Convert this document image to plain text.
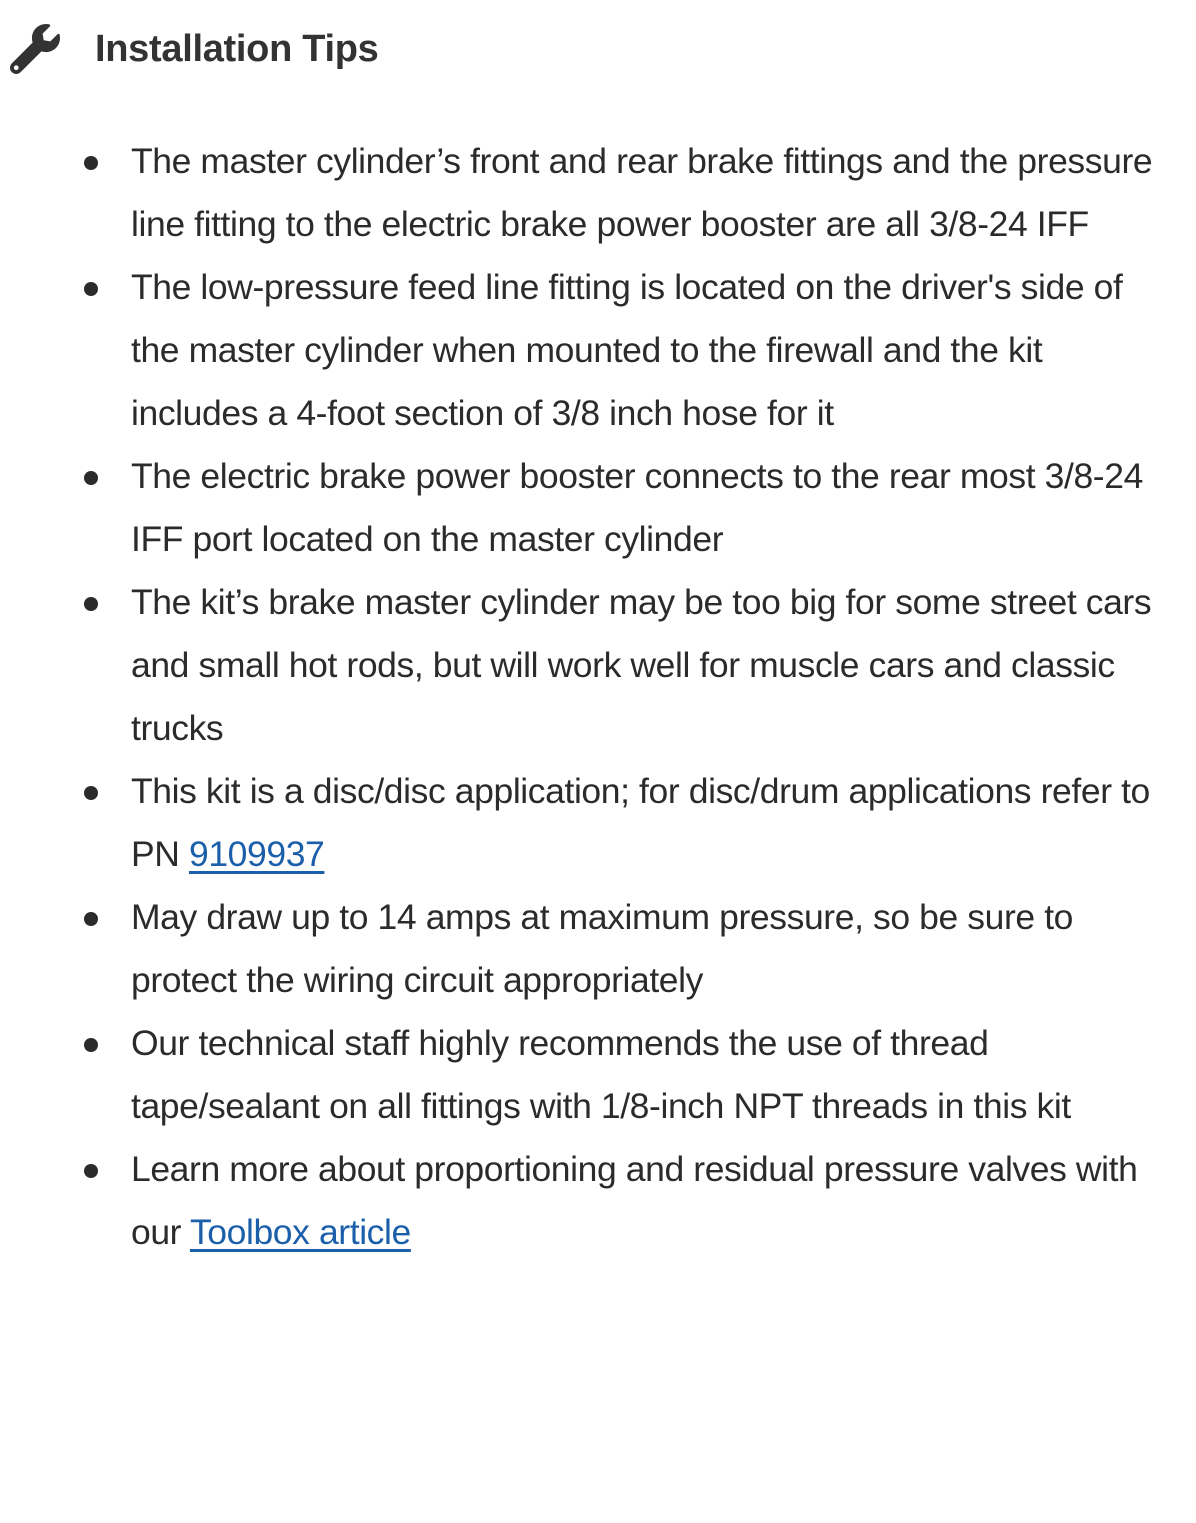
Installation Tips
The master cylinder’s front and rear brake fittings and the pressure line fitting to the electric brake power booster are all 3/8-24 IFF
The low-pressure feed line fitting is located on the driver's side of the master cylinder when mounted to the firewall and the kit includes a 4-foot section of 3/8 inch hose for it
The electric brake power booster connects to the rear most 3/8-24 IFF port located on the master cylinder
The kit’s brake master cylinder may be too big for some street cars and small hot rods, but will work well for muscle cars and classic trucks
This kit is a disc/disc application; for disc/drum applications refer to PN 9109937
May draw up to 14 amps at maximum pressure, so be sure to protect the wiring circuit appropriately
Our technical staff highly recommends the use of thread tape/sealant on all fittings with 1/8-inch NPT threads in this kit
Learn more about proportioning and residual pressure valves with our Toolbox article
